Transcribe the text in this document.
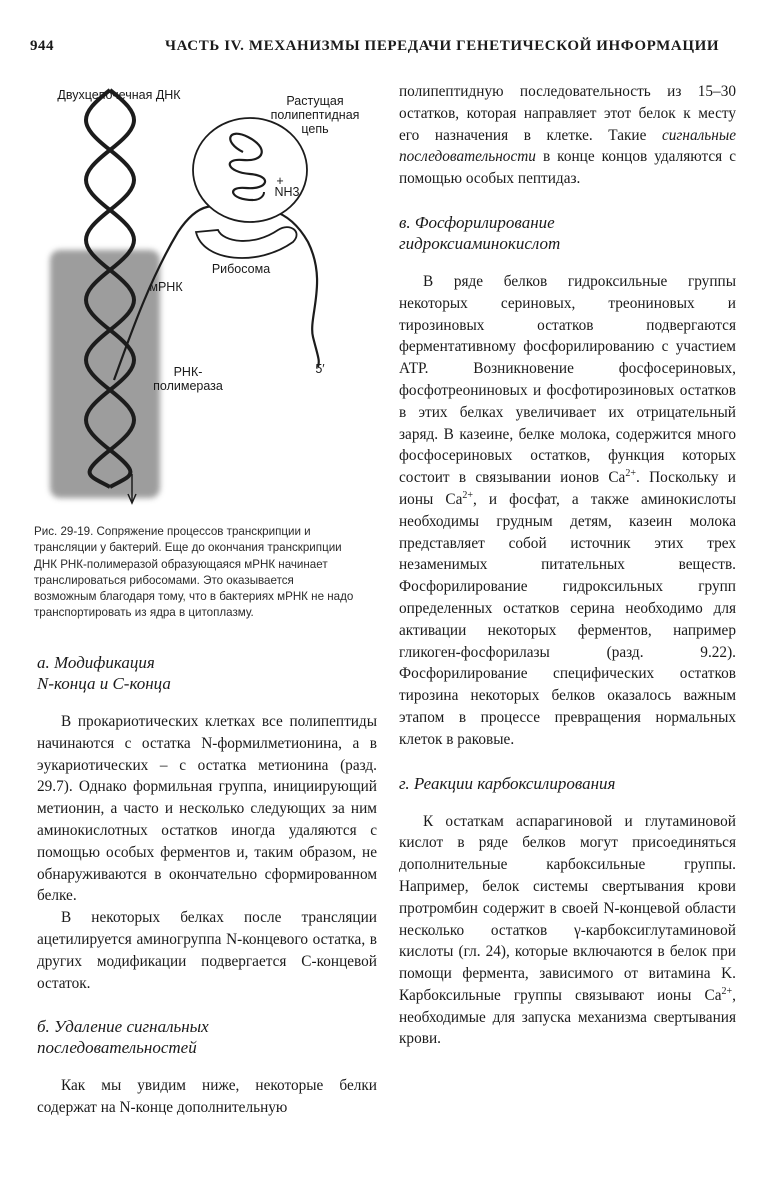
944	ЧАСТЬ IV. МЕХАНИЗМЫ ПЕРЕДАЧИ ГЕНЕТИЧЕСКОЙ ИНФОРМАЦИИ
Двухцепочечная ДНК	Растущая полипептидная цепь
+
NH3
Рибосома
мРНК
5′
РНК-полимераза

Рис. 29-19. Сопряжение процессов транскрипции и трансляции у бактерий. Еще до окончания транскрипции ДНК РНК-полимеразой образующаяся мРНК начинает транслироваться рибосомами. Это оказывается возможным благодаря тому, что в бактериях мРНК не надо транспортировать из ядра в цитоплазму.

а. Модификация

N-конца и С-конца

В прокариотических клетках все полипептиды начинаются с остатка N-формилметионина, а в эукариотических – с остатка метионина (разд. 29.7). Однако формильная группа, инициирующий метионин, а часто и несколько следующих за ним аминокислотных остатков иногда удаляются с помощью особых ферментов и, таким образом, не обнаруживаются в окончательно сформированном белке.

В некоторых белках после трансляции ацетилируется аминогруппа N-концевого остатка, в других модификации подвергается С-концевой остаток.

б. Удаление сигнальных

последовательностей

Как мы увидим ниже, некоторые белки содержат на N-конце дополнительную

полипептидную последовательность из 15–30 остатков, которая направляет этот белок к месту его назначения в клетке. Такие сигнальные последовательности в конце концов удаляются с помощью особых пептидаз.

в. Фосфорилирование

гидроксиаминокислот

В ряде белков гидроксильные группы некоторых сериновых, треониновых и тирозиновых остатков подвергаются ферментативному фосфорилированию с участием АТР. Возникновение фосфосериновых, фосфотреониновых и фосфотирозиновых остатков в этих белках увеличивает их отрицательный заряд. В казеине, белке молока, содержится много фосфосериновых остатков, функция которых состоит в связывании ионов $Ca^{2+}$. Поскольку и ионы $Ca^{2+}$, и фосфат, а также аминокислоты необходимы грудным детям, казеин молока представляет собой источник этих трех незаменимых питательных веществ. Фосфорилирование гидроксильных групп определенных остатков серина необходимо для активации некоторых ферментов, например гликоген-фосфорилазы (разд. 9.22). Фосфорилирование специфических остатков тирозина некоторых белков оказалось важным этапом в процессе превращения нормальных клеток в раковые.

г. Реакции карбоксилирования

К остаткам аспарагиновой и глутаминовой кислот в ряде белков могут присоединяться дополнительные карбоксильные группы. Например, белок системы свертывания крови протромбин содержит в своей N-концевой области несколько остатков γ-карбоксиглутаминовой кислоты (гл. 24), которые включаются в белок при помощи фермента, зависимого от витамина K. Карбоксильные группы связывают ионы $Ca^{2+}$, необходимые для запуска механизма свертывания крови.
